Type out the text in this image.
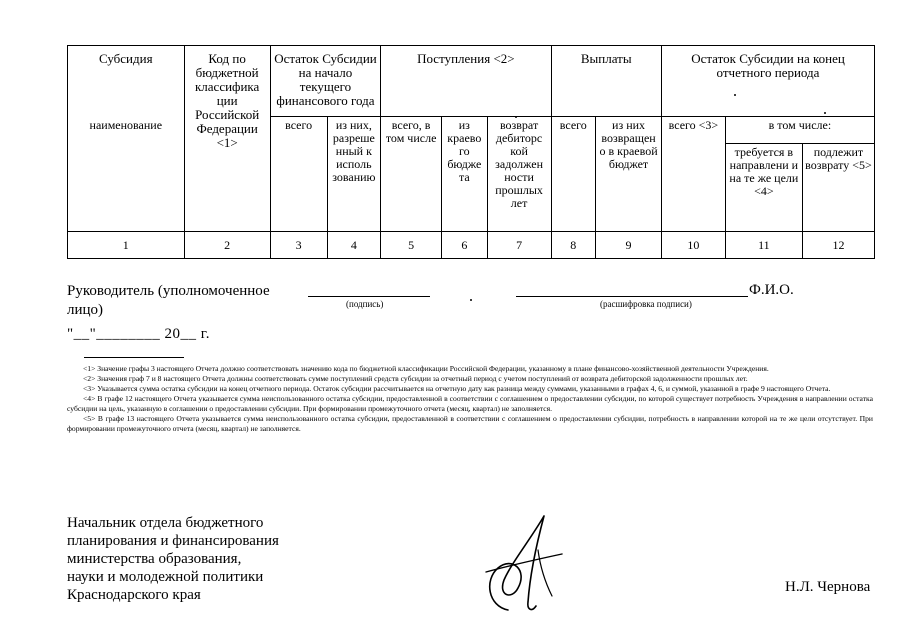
Субсидия	Код по бюджетной классифика ции Российской Федерации <1>	Остаток Субсидии на начало текущего финансового года		Поступления <2>			Выплаты		Остаток Субсидии на конец отчетного периода		
наименование		всего	из них, разреше нный к исполь зованию	всего, в том числе	из краево го бюдже та	возврат дебиторс кой задолжен ности прошлых лет	всего	из них возвращен о в краевой бюджет	всего <3>	в том числе:	
										требуется в направлени и на те же цели <4>	подлежит возврату <5>
1	2	3	4	5	6	7	8	9	10	11	12
Руководитель (уполномоченное лицо)	(подпись)	(расшифровка подписи)
Ф.И.О.
"__"________ 20__ г.

<1> Значение графы 3 настоящего Отчета должно соответствовать значению кода по бюджетной классификации Российской Федерации, указанному в плане финансово-хозяйственной деятельности Учреждения.

<2> Значения граф 7 и 8 настоящего Отчета должны соответствовать сумме поступлений средств субсидии за отчетный период с учетом поступлений от возврата дебиторской задолженности прошлых лет.

<3> Указывается сумма остатка субсидии на конец отчетного периода. Остаток субсидии рассчитывается на отчетную дату как разница между суммами, указанными в графах 4, 6, и суммой, указанной в графе 9 настоящего Отчета.

<4> В графе 12 настоящего Отчета указывается сумма неиспользованного остатка субсидии, предоставленной в соответствии с соглашением о предоставлении субсидии, по которой существует потребность Учреждения в направлении остатка субсидии на цель, указанную в соглашении о предоставлении субсидии. При формировании промежуточного отчета (месяц, квартал) не заполняется.

<5> В графе 13 настоящего Отчета указывается сумма неиспользованного остатка субсидии, предоставленной в соответствии с соглашением о предоставлении субсидии, потребность в направлении которой на те же цели отсутствует. При формировании промежуточного отчета (месяц, квартал) не заполняется.

Начальник отдела бюджетного
планирования и финансирования
министерства образования,
науки и молодежной политики
Краснодарского края	Н.Л. Чернова
